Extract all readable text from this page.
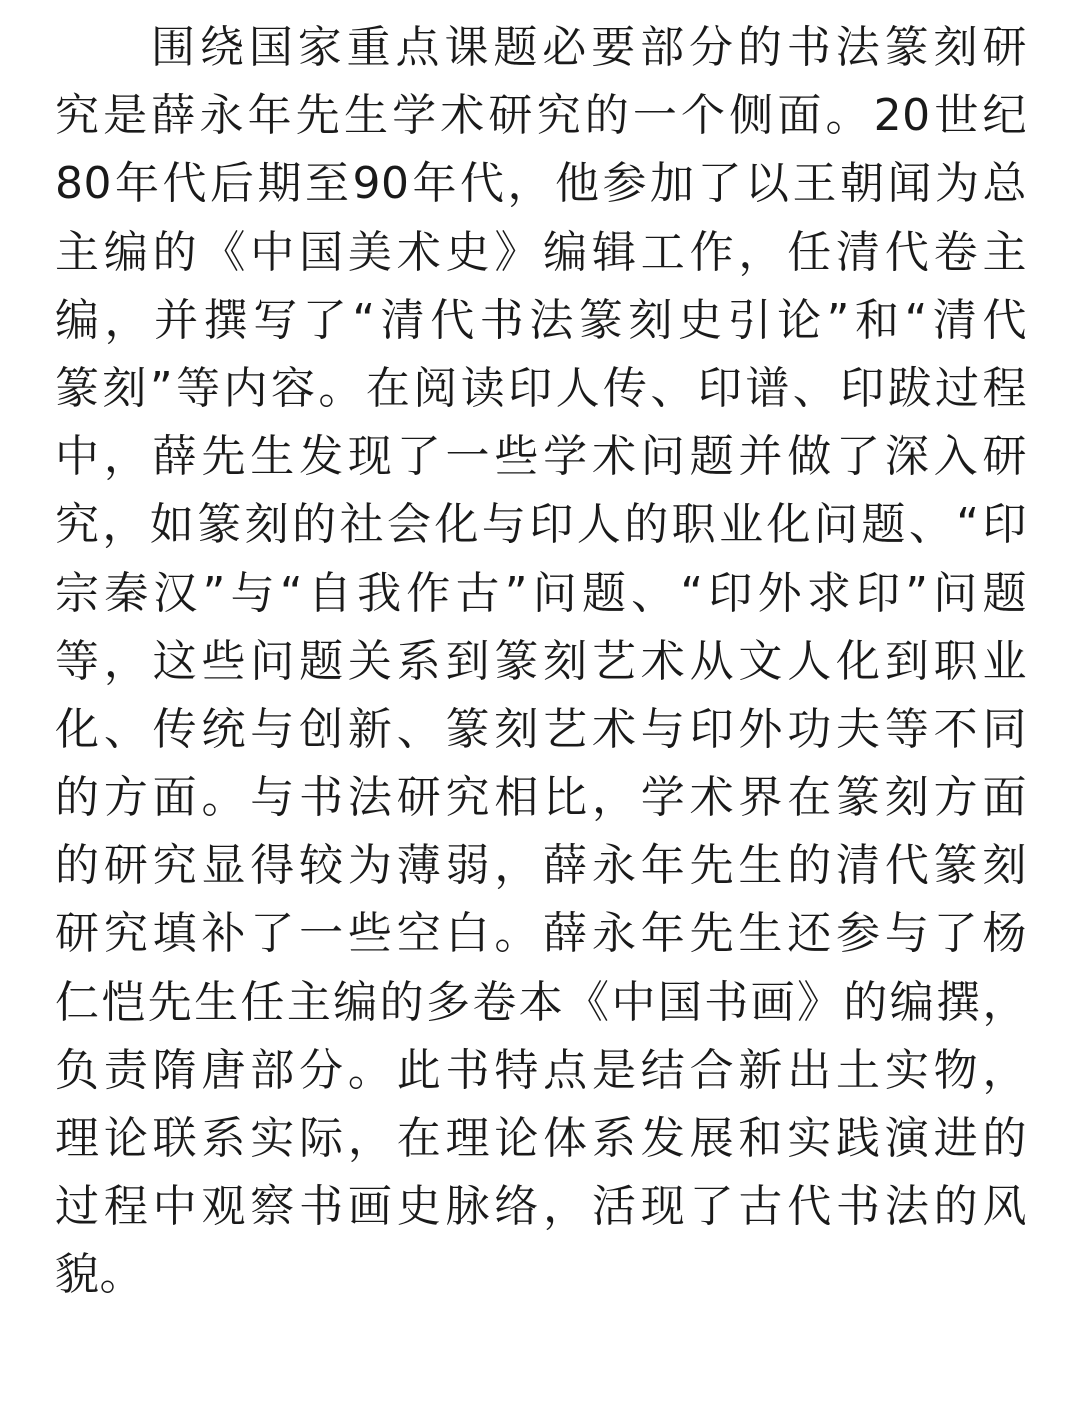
围绕国家重点课题必要部分的书法篆刻研
究是薛永年先生学术研究的一个侧面。20世纪
80年代后期至90年代，他参加了以王朝闻为总
主编的《中国美术史》编辑工作，任清代卷主
编，并撰写了“清代书法篆刻史引论”和“清代
篆刻”等内容。在阅读印人传、印谱、印跋过程
中，薛先生发现了一些学术问题并做了深入研
究，如篆刻的社会化与印人的职业化问题、“印
宗秦汉”与“自我作古”问题、“印外求印”问题
等，这些问题关系到篆刻艺术从文人化到职业
化、传统与创新、篆刻艺术与印外功夫等不同
的方面。与书法研究相比，学术界在篆刻方面
的研究显得较为薄弱，薛永年先生的清代篆刻
研究填补了一些空白。薛永年先生还参与了杨
仁恺先生任主编的多卷本《中国书画》的编撰，
负责隋唐部分。此书特点是结合新出土实物，
理论联系实际，在理论体系发展和实践演进的
过程中观察书画史脉络，活现了古代书法的风
貌。
